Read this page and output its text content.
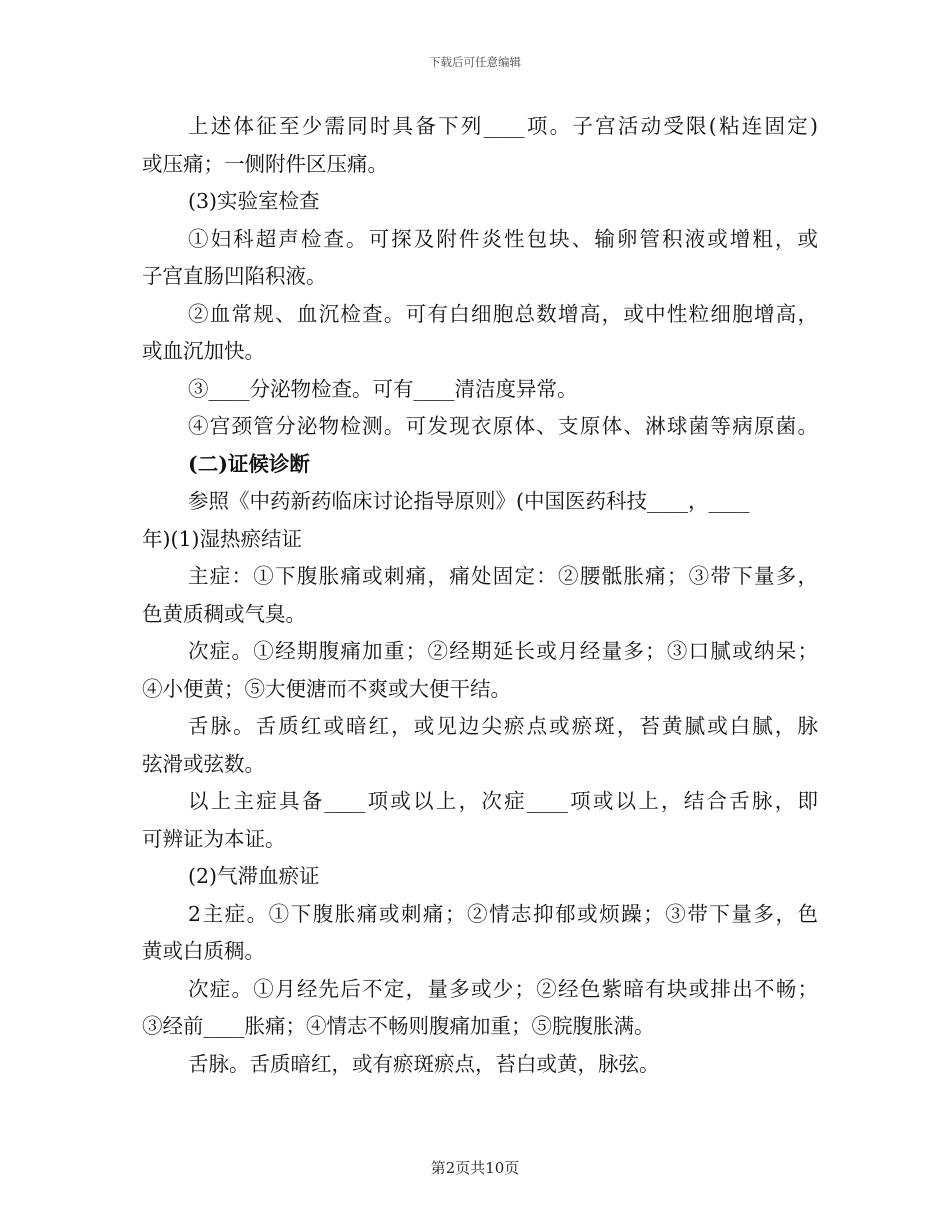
下载后可任意编辑
上述体征至少需同时具备下列____项。子宫活动受限(粘连固定)
或压痛；一侧附件区压痛。
(3)实验室检查
①妇科超声检查。可探及附件炎性包块、输卵管积液或增粗，或
子宫直肠凹陷积液。
②血常规、血沉检查。可有白细胞总数增高，或中性粒细胞增高，
或血沉加快。
③____分泌物检查。可有____清洁度异常。
④宫颈管分泌物检测。可发现衣原体、支原体、淋球菌等病原菌。
(二)证候诊断
参照《中药新药临床讨论指导原则》(中国医药科技____，____
年)(1)湿热瘀结证
主症：①下腹胀痛或刺痛，痛处固定：②腰骶胀痛；③带下量多，
色黄质稠或气臭。
次症。①经期腹痛加重；②经期延长或月经量多；③口腻或纳呆；
④小便黄；⑤大便溏而不爽或大便干结。
舌脉。舌质红或暗红，或见边尖瘀点或瘀斑，苔黄腻或白腻，脉
弦滑或弦数。
以上主症具备____项或以上，次症____项或以上，结合舌脉，即
可辨证为本证。
(2)气滞血瘀证
2主症。①下腹胀痛或刺痛；②情志抑郁或烦躁；③带下量多，色
黄或白质稠。
次症。①月经先后不定，量多或少；②经色紫暗有块或排出不畅；
③经前____胀痛；④情志不畅则腹痛加重；⑤脘腹胀满。
舌脉。舌质暗红，或有瘀斑瘀点，苔白或黄，脉弦。
第2页共10页
